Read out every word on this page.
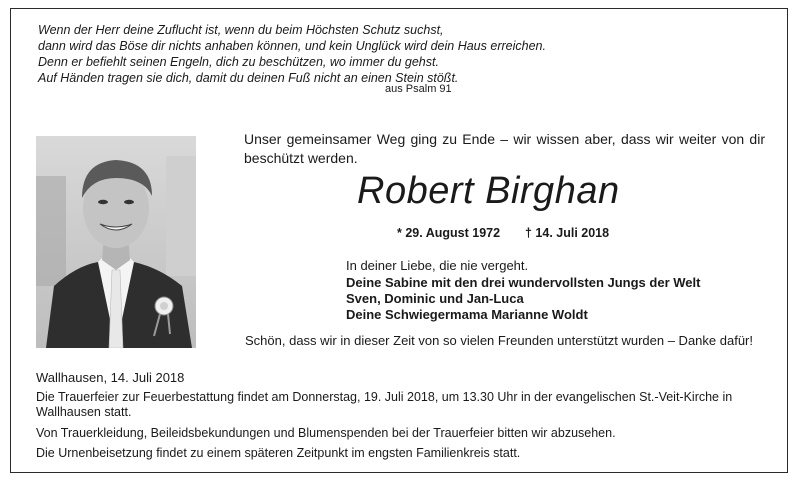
Wenn der Herr deine Zuflucht ist, wenn du beim Höchsten Schutz suchst,
dann wird das Böse dir nichts anhaben können, und kein Unglück wird dein Haus erreichen.
Denn er befiehlt seinen Engeln, dich zu beschützen, wo immer du gehst.
Auf Händen tragen sie dich, damit du deinen Fuß nicht an einen Stein stößt.
aus Psalm 91
Unser gemeinsamer Weg ging zu Ende – wir wissen aber, dass wir weiter von dir beschützt werden.
Robert Birghan
* 29. August 1972 † 14. Juli 2018
In deiner Liebe, die nie vergeht.
Deine Sabine mit den drei wundervollsten Jungs der Welt
Sven, Dominic und Jan-Luca
Deine Schwiegermama Marianne Woldt
Schön, dass wir in dieser Zeit von so vielen Freunden unterstützt wurden – Danke dafür!
Wallhausen, 14. Juli 2018
Die Trauerfeier zur Feuerbestattung findet am Donnerstag, 19. Juli 2018, um 13.30 Uhr in der evangelischen St.-Veit-Kirche in Wallhausen statt.
Von Trauerkleidung, Beileidsbekundungen und Blumenspenden bei der Trauerfeier bitten wir abzusehen.
Die Urnenbeisetzung findet zu einem späteren Zeitpunkt im engsten Familienkreis statt.
